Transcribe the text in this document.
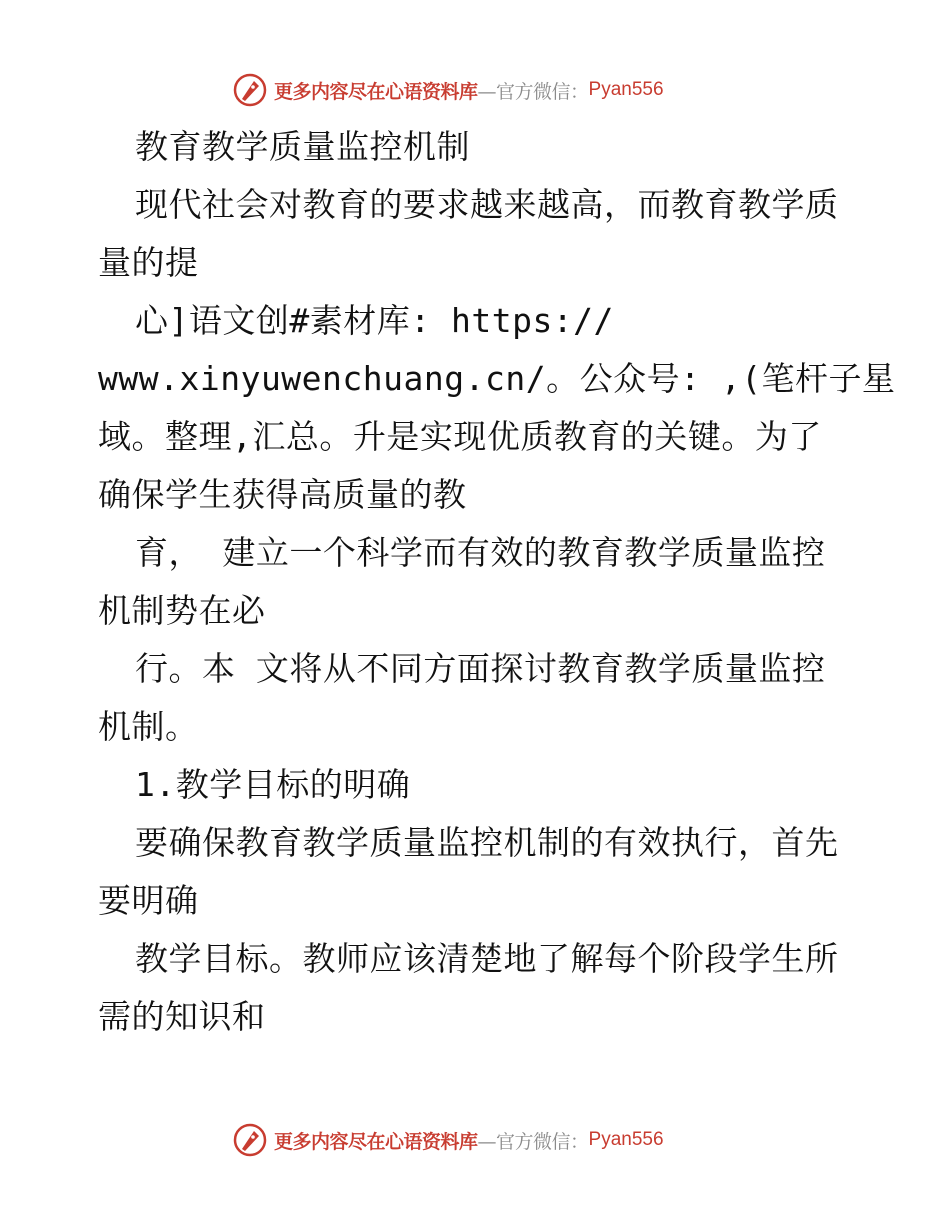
更多内容尽在心语资料库 —官方微信： Pyan556
教育教学质量监控机制
现代社会对教育的要求越来越高，而教育教学质
量的提
心]语文创#素材库: https://
www.xinyuwenchuang.cn/。公众号: ,(笔杆子星
域。整理,汇总。升是实现优质教育的关键。为了
确保学生获得高质量的教
育， 建立一个科学而有效的教育教学质量监控
机制势在必
行。本 文将从不同方面探讨教育教学质量监控
机制。
1.教学目标的明确
要确保教育教学质量监控机制的有效执行，首先
要明确
教学目标。教师应该清楚地了解每个阶段学生所
需的知识和
更多内容尽在心语资料库 —官方微信： Pyan556
